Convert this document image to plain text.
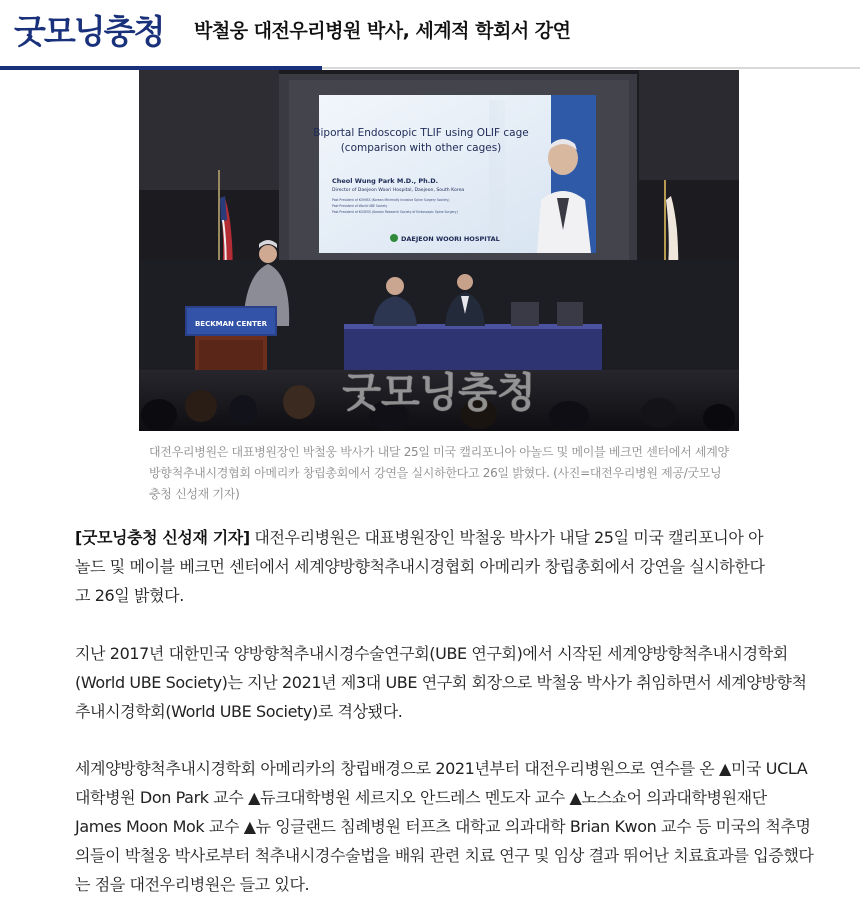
굿모닝충청 박철웅 대전우리병원 박사, 세계적 학회서 강연
Biportal Endoscopic TLIF using OLIF cage
(comparison with other cages)
Cheol Wung Park M.D., Ph.D.
Director of Daejeon Woori Hospital, Daejeon, South Korea
Past President of KOMISS (Korean Minimally Invasive Spine Surgery Society)
Past President of World UBE Society
Past President of KOSESS (Korean Research Society of Endoscopic Spine Surgery)
DAEJEON WOORI HOSPITAL
BECKMAN CENTER
굿모닝충청
대전우리병원은 대표병원장인 박철웅 박사가 내달 25일 미국 캘리포니아 아놀드 및 메이블 베크먼 센터에서 세계양방향척추내시경협회 아메리카 창립총회에서 강연을 실시하한다고 26일 밝혔다. (사진=대전우리병원 제공/굿모닝충청 신성재 기자)
[굿모닝충청 신성재 기자] 대전우리병원은 대표병원장인 박철웅 박사가 내달 25일 미국 캘리포니아 아놀드 및 메이블 베크먼 센터에서 세계양방향척추내시경협회 아메리카 창립총회에서 강연을 실시하한다고 26일 밝혔다.
지난 2017년 대한민국 양방향척추내시경수술연구회(UBE 연구회)에서 시작된 세계양방향척추내시경학회(World UBE Society)는 지난 2021년 제3대 UBE 연구회 회장으로 박철웅 박사가 취임하면서 세계양방향척추내시경학회(World UBE Society)로 격상됐다.
세계양방향척추내시경학회 아메리카의 창립배경으로 2021년부터 대전우리병원으로 연수를 온 ▲미국 UCLA대학병원 Don Park 교수 ▲듀크대학병원 세르지오 안드레스 멘도자 교수 ▲노스쇼어 의과대학병원재단 James Moon Mok 교수 ▲뉴 잉글랜드 침례병원 터프츠 대학교 의과대학 Brian Kwon 교수 등 미국의 척추명의들이 박철웅 박사로부터 척추내시경수술법을 배워 관련 치료 연구 및 임상 결과 뛰어난 치료효과를 입증했다는 점을 대전우리병원은 들고 있다.
